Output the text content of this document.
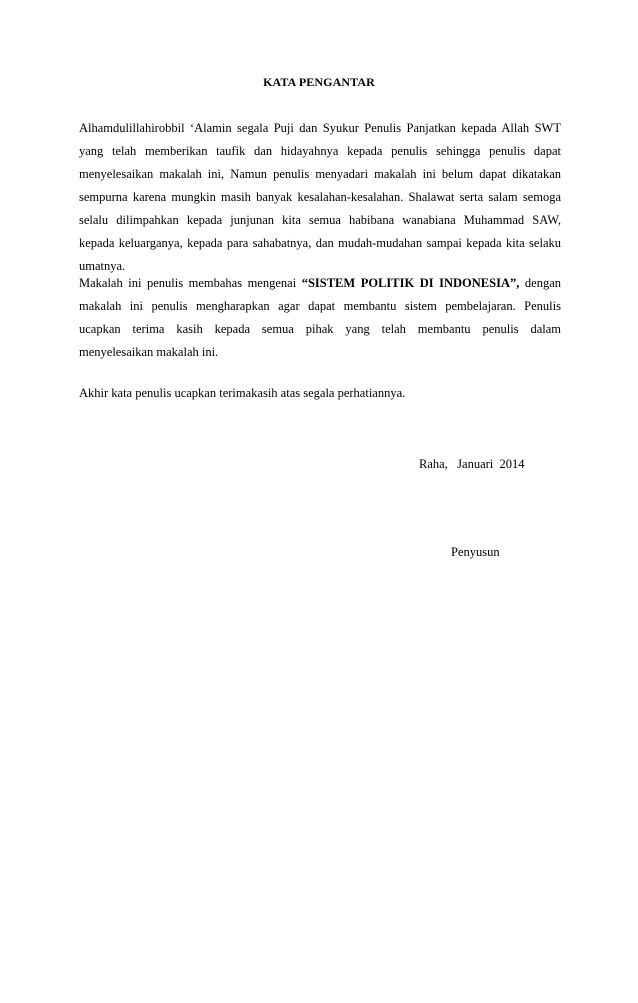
KATA PENGANTAR
Alhamdulillahirobbil ‘Alamin segala Puji dan Syukur Penulis Panjatkan kepada Allah SWT
yang telah memberikan taufik dan hidayahnya kepada penulis sehingga penulis dapat
menyelesaikan makalah ini, Namun penulis menyadari makalah ini belum dapat dikatakan
sempurna karena mungkin masih banyak kesalahan-kesalahan. Shalawat serta salam semoga
selalu dilimpahkan kepada junjunan kita semua habibana wanabiana Muhammad SAW,
kepada keluarganya, kepada para sahabatnya, dan mudah-mudahan sampai kepada kita selaku
umatnya.
Makalah ini penulis membahas mengenai “SISTEM POLITIK DI INDONESIA”, dengan
makalah ini penulis mengharapkan agar dapat membantu sistem pembelajaran. Penulis
ucapkan terima kasih kepada semua pihak yang telah membantu penulis dalam
menyelesaikan makalah ini.
Akhir kata penulis ucapkan terimakasih atas segala perhatiannya.
Raha,   Januari  2014
Penyusun
